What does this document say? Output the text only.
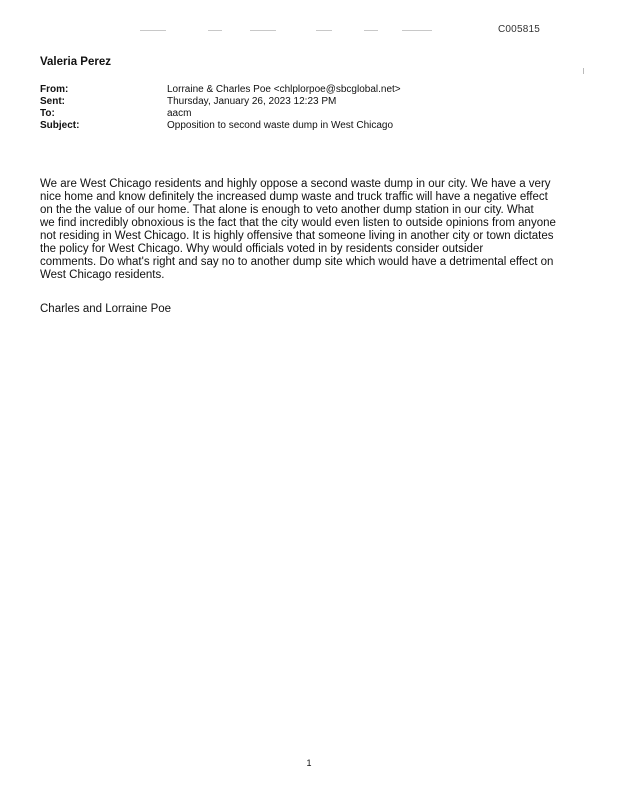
C005815
Valeria Perez
From:	Lorraine & Charles Poe <chlplorpoe@sbcglobal.net>
Sent:	Thursday, January 26, 2023 12:23 PM
To:	aacm
Subject:	Opposition to second waste dump in West Chicago

We are West Chicago residents and highly oppose a second waste dump in our city. We have a very

nice home and know definitely the increased dump waste and truck traffic will have a negative effect

on the the value of our home. That alone is enough to veto another dump station in our city. What

we find incredibly obnoxious is the fact that the city would even listen to outside opinions from anyone

not residing in West Chicago. It is highly offensive that someone living in another city or town dictates

the policy for West Chicago. Why would officials voted in by residents consider outsider

comments. Do what's right and say no to another dump site which would have a detrimental effect on

West Chicago residents.

Charles and Lorraine Poe
1
